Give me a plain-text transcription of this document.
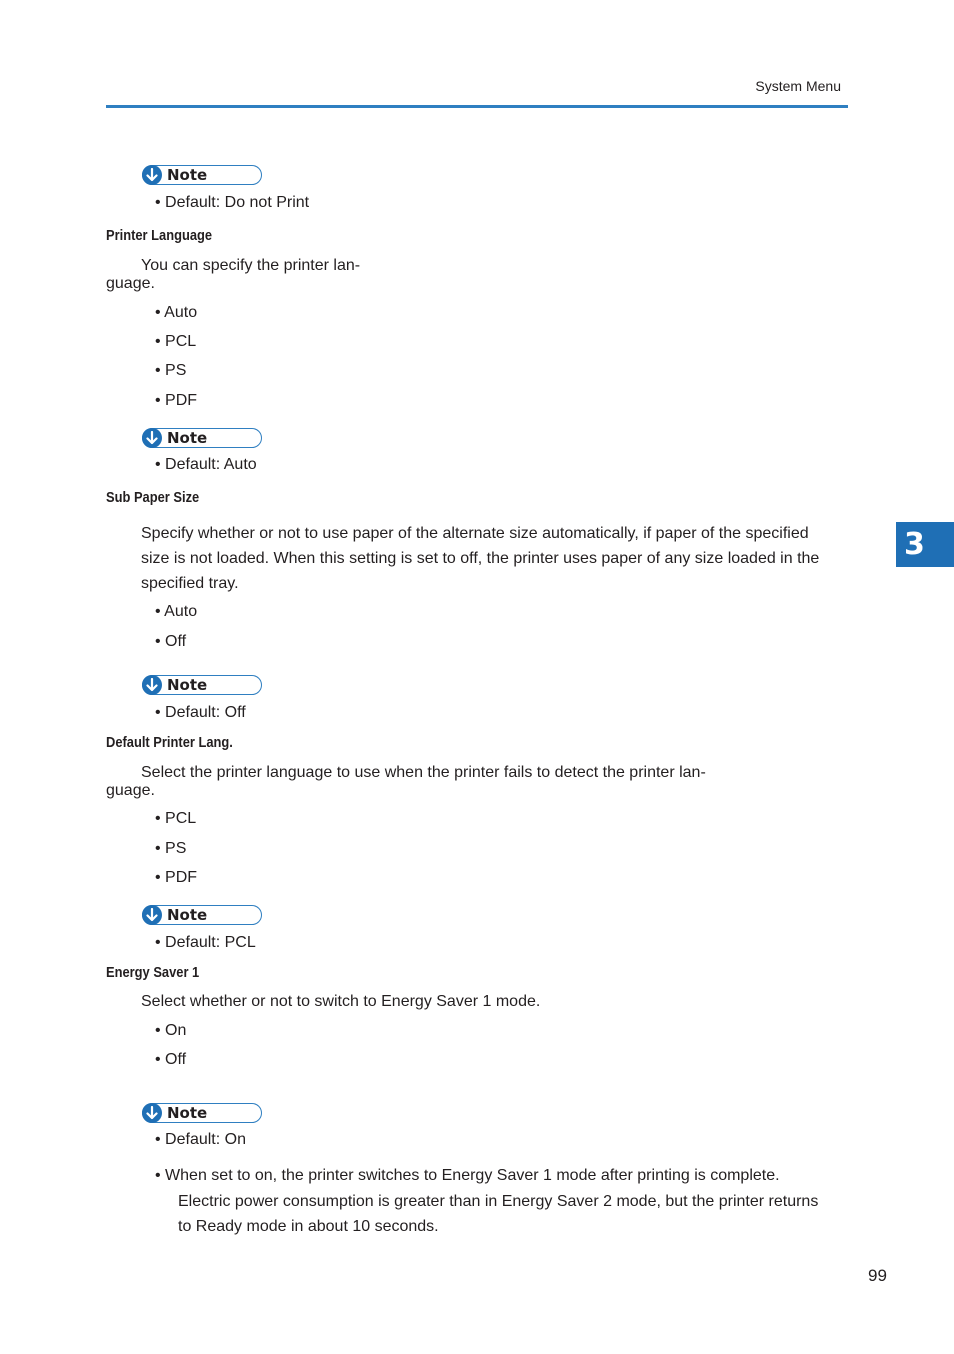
System Menu
3
Note
• Default: Do not Print
Printer Language
You can specify the printer lan-
guage.
• Auto
• PCL
• PS
• PDF
Note
• Default: Auto
Sub Paper Size
Specify whether or not to use paper of the alternate size automatically, if paper of the specified
size is not loaded. When this setting is set to off, the printer uses paper of any size loaded in the
specified tray.
• Auto
• Off
Note
• Default: Off
Default Printer Lang.
Select the printer language to use when the printer fails to detect the printer lan-
guage.
• PCL
• PS
• PDF
Note
• Default: PCL
Energy Saver 1
Select whether or not to switch to Energy Saver 1 mode.
• On
• Off
Note
• Default: On
• When set to on, the printer switches to Energy Saver 1 mode after printing is complete.
Electric power consumption is greater than in Energy Saver 2 mode, but the printer returns
to Ready mode in about 10 seconds.
99
